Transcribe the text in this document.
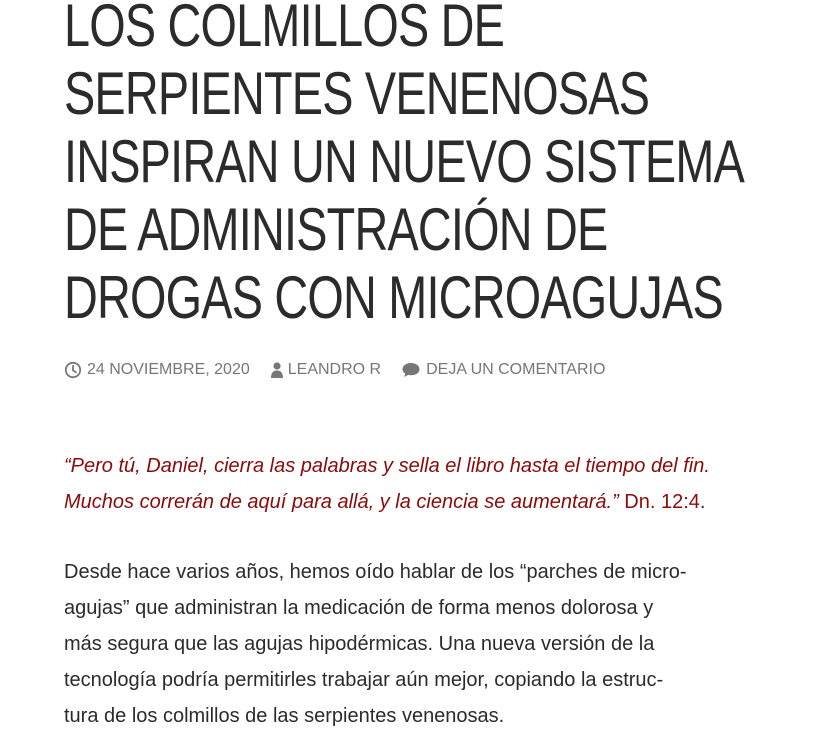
LOS COLMILLOS DE
SERPIENTES VENENOSAS
INSPIRAN UN NUEVO SISTEMA
DE ADMINISTRACIÓN DE
DROGAS CON MICROAGUJAS
24 NOVIEMBRE, 2020 LEANDRO R	DEJA UN COMENTARIO

“Pero tú, Daniel, cierra las palabras y sella el libro hasta el tiempo del fin.
Muchos correrán de aquí para allá, y la ciencia se aumentará.” Dn. 12:4.

Desde hace varios años, hemos oído hablar de los “parches de micro-
agujas” que administran la medicación de forma menos dolorosa y
más segura que las agujas hipodérmicas. Una nueva versión de la
tecnología podría permitirles trabajar aún mejor, copiando la estruc-
tura de los colmillos de las serpientes venenosas.
